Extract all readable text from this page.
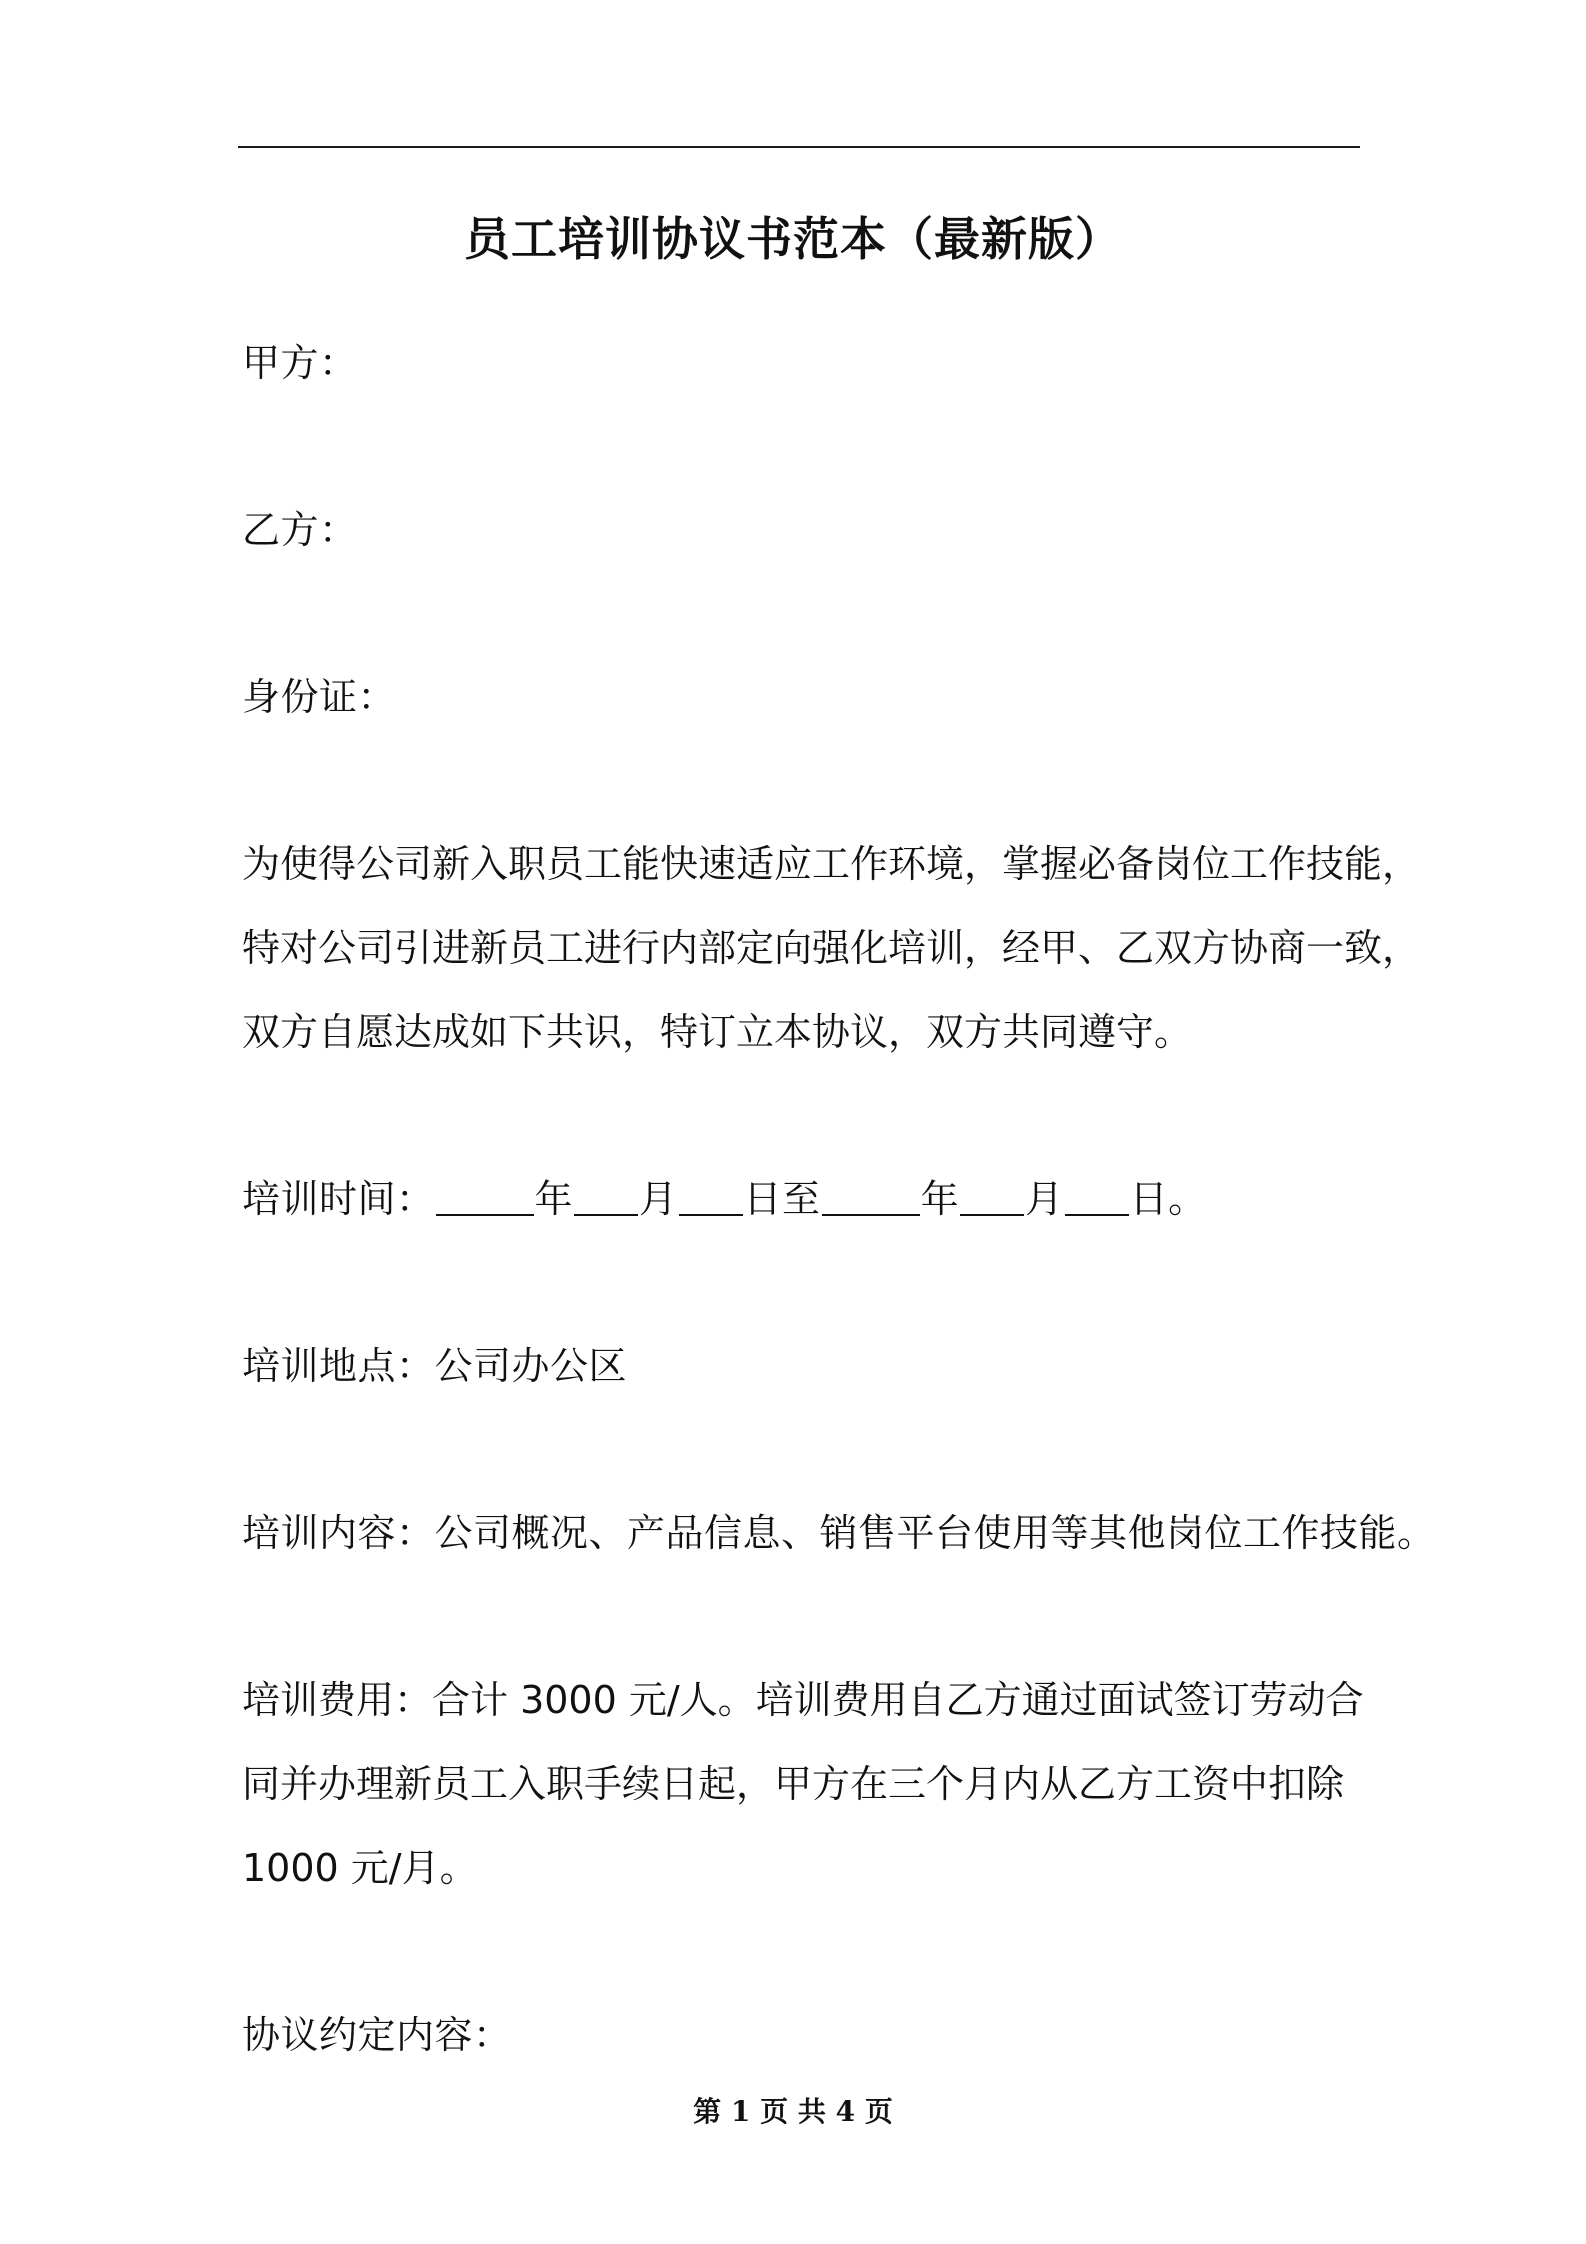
员工培训协议书范本（最新版）
甲方：
乙方：
身份证：
为使得公司新入职员工能快速适应工作环境，掌握必备岗位工作技能，
特对公司引进新员工进行内部定向强化培训，经甲、乙双方协商一致，
双方自愿达成如下共识，特订立本协议，双方共同遵守。
培训时间：	年 月 日至	年 月 日。
培训地点：公司办公区
培训内容：公司概况、产品信息、销售平台使用等其他岗位工作技能。
培训费用：合计 3000 元/人。培训费用自乙方通过面试签订劳动合
同并办理新员工入职手续日起，甲方在三个月内从乙方工资中扣除
1000 元/月。
协议约定内容：
第 1 页 共 4 页
